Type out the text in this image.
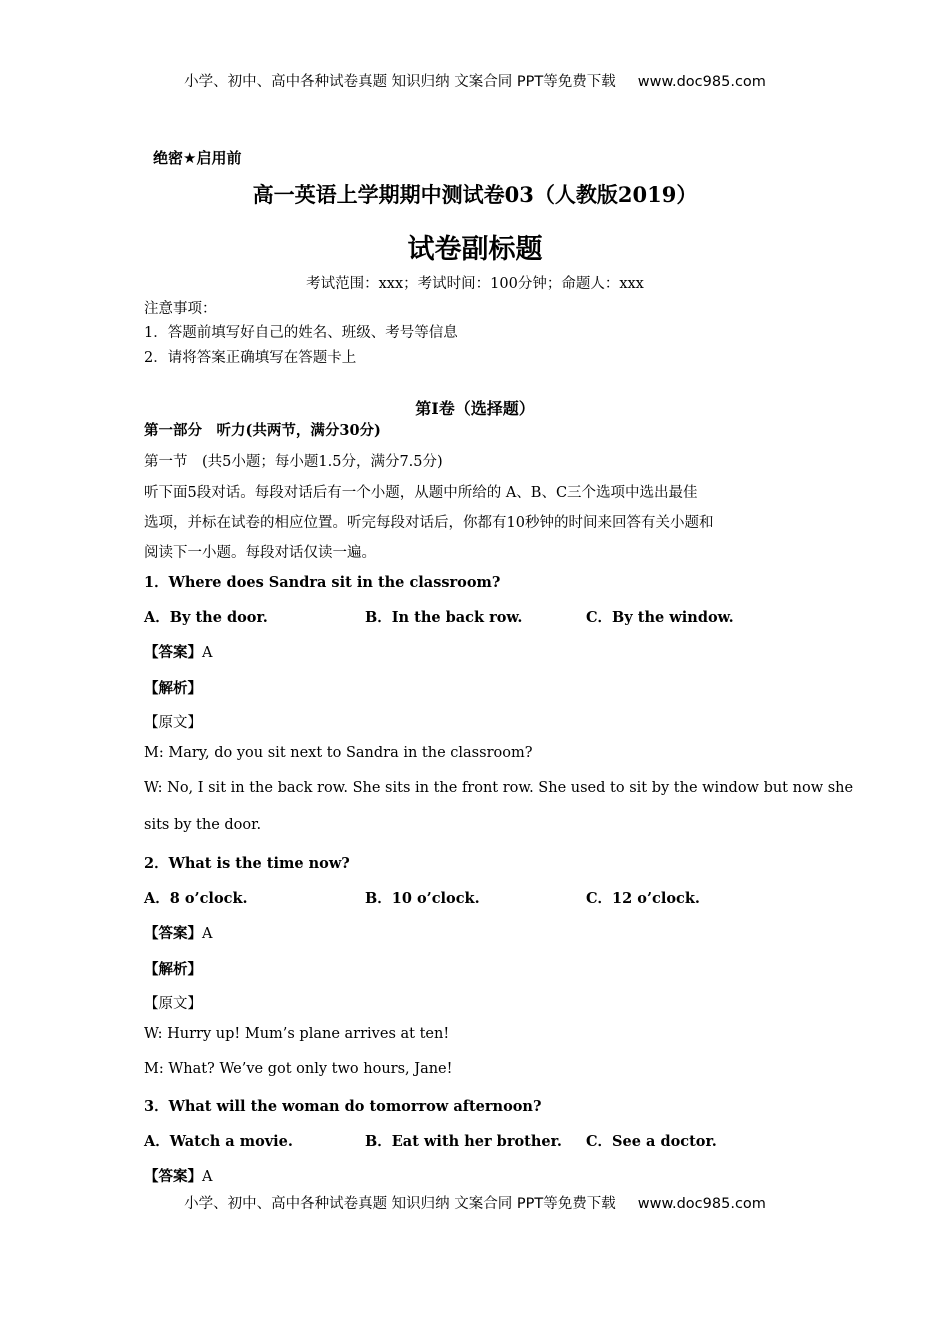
小学、初中、高中各种试卷真题 知识归纳 文案合同 PPT等免费下载 www.doc985.com
绝密★启用前
高一英语上学期期中测试卷03（人教版2019）
试卷副标题
考试范围：xxx；考试时间：100分钟；命题人：xxx
注意事项：
1．答题前填写好自己的姓名、班级、考号等信息
2．请将答案正确填写在答题卡上
第I卷（选择题）
第一部分　听力(共两节，满分30分)
第一节　(共5小题；每小题1.5分，满分7.5分)
听下面5段对话。每段对话后有一个小题，从题中所给的 A、B、C三个选项中选出最佳
选项，并标在试卷的相应位置。听完每段对话后，你都有10秒钟的时间来回答有关小题和
阅读下一小题。每段对话仅读一遍。
1．Where does Sandra sit in the classroom?
A．By the door.	B．In the back row.	C．By the window.
【答案】A
【解析】
【原文】
M: Mary, do you sit next to Sandra in the classroom?
W: No, I sit in the back row. She sits in the front row. She used to sit by the window but now she
sits by the door.
2．What is the time now?
A．8 o’clock.	B．10 o’clock.	C．12 o’clock.
【答案】A
【解析】
【原文】
W: Hurry up! Mum’s plane arrives at ten!
M: What? We’ve got only two hours, Jane!
3．What will the woman do tomorrow afternoon?
A．Watch a movie.	B．Eat with her brother. C．See a doctor.
【答案】A
小学、初中、高中各种试卷真题 知识归纳 文案合同 PPT等免费下载 www.doc985.com
